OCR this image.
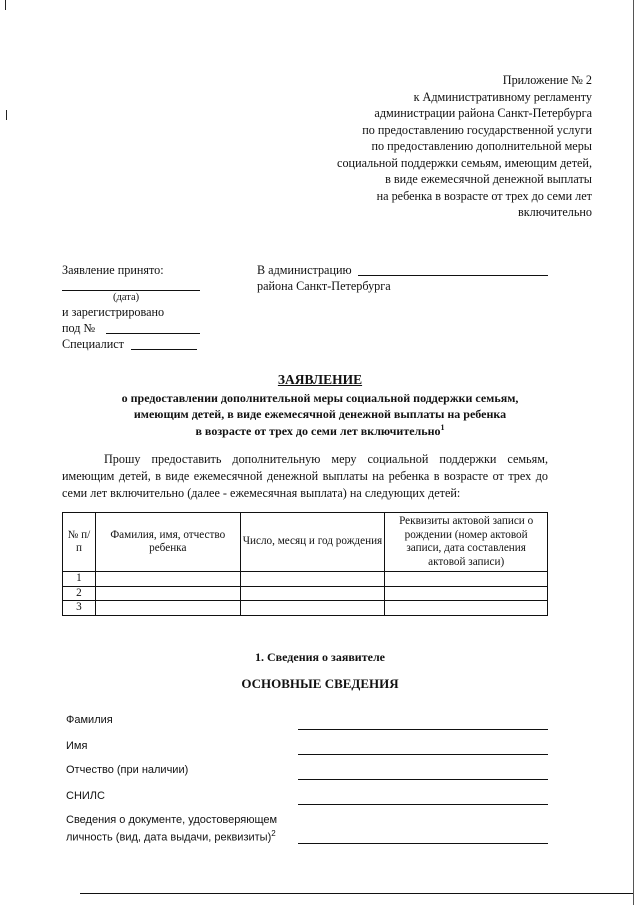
Приложение № 2
к Административному регламенту
администрации района Санкт-Петербурга
по предоставлению государственной услуги
по предоставлению дополнительной меры
социальной поддержки семьям, имеющим детей,
в виде ежемесячной денежной выплаты
на ребенка в возрасте от трех до семи лет
включительно
Заявление принято:
(дата)
и зарегистрировано
под №
Специалист
В администрацию
района Санкт-Петербурга
ЗАЯВЛЕНИЕ
о предоставлении дополнительной меры социальной поддержки семьям,
имеющим детей, в виде ежемесячной денежной выплаты на ребенка
в возрасте от трех до семи лет включительно$^1$
Прошу предоставить дополнительную меру социальной поддержки семьям, имеющим детей, в виде ежемесячной денежной выплаты на ребенка в возрасте от трех до семи лет включительно (далее - ежемесячная выплата) на следующих детей:
№ п/п	Фамилия, имя, отчество ребенка	Число, месяц и год рождения	Реквизиты актовой записи о рождении (номер актовой записи, дата составления актовой записи)
1			
2			
3			
1. Сведения о заявителе
ОСНОВНЫЕ СВЕДЕНИЯ
Фамилия
Имя
Отчество (при наличии)
СНИЛС
Сведения о документе, удостоверяющем
личность (вид, дата выдачи, реквизиты)$^2$
